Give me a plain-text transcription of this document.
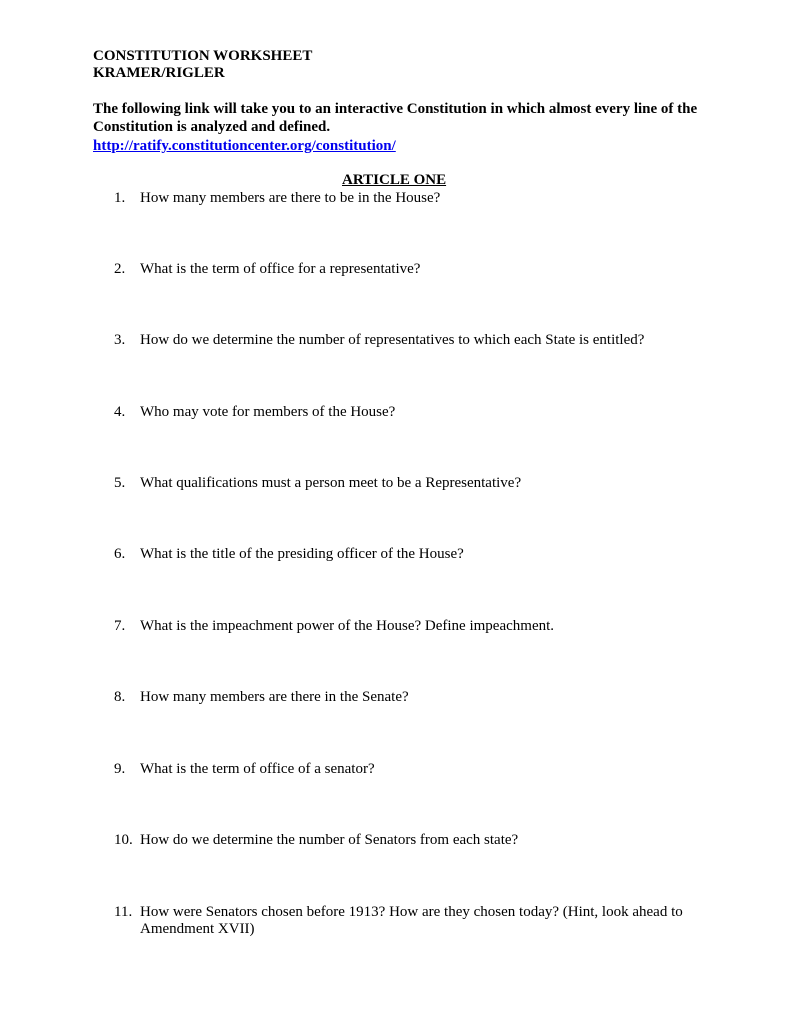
CONSTITUTION WORKSHEET
KRAMER/RIGLER

The following link will take you to an interactive Constitution in which almost every line of the Constitution is analyzed and defined.

http://ratify.constitutioncenter.org/constitution/
ARTICLE ONE
1. How many members are there to be in the House?
2. What is the term of office for a representative?
3. How do we determine the number of representatives to which each State is entitled?
4. Who may vote for members of the House?
5. What qualifications must a person meet to be a Representative?
6. What is the title of the presiding officer of the House?
7. What is the impeachment power of the House? Define impeachment.
8. How many members are there in the Senate?
9. What is the term of office of a senator?
10. How do we determine the number of Senators from each state?
11. How were Senators chosen before 1913? How are they chosen today? (Hint, look ahead to Amendment XVII)
